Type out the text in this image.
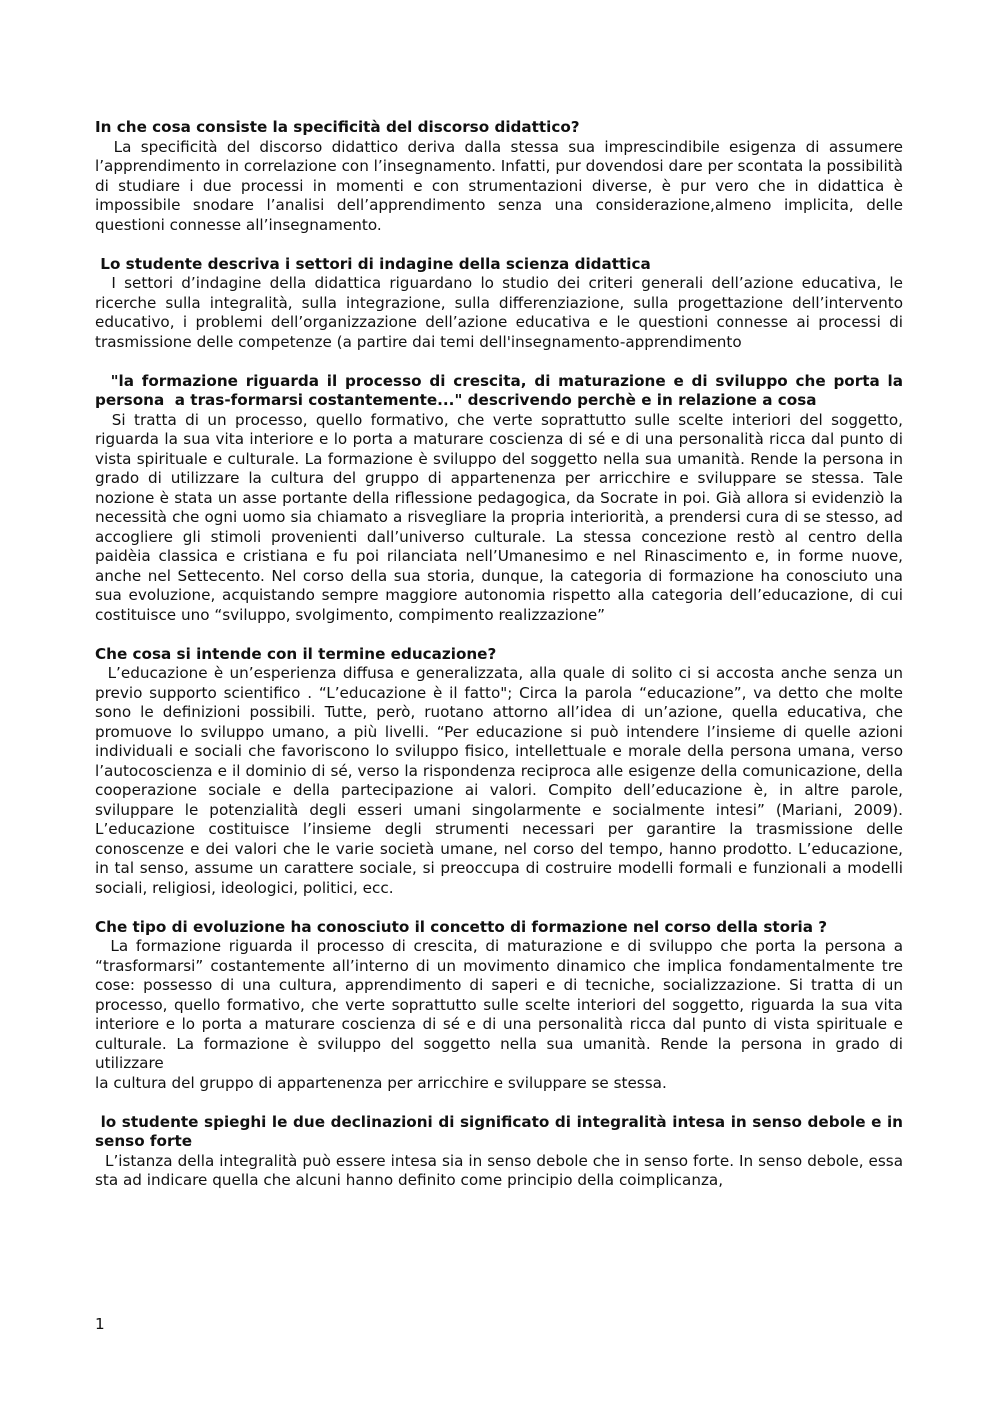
In che cosa consiste la specificità del discorso didattico?

La specificità del discorso didattico deriva dalla stessa sua imprescindibile esigenza di assumere l’apprendimento in correlazione con l’insegnamento. Infatti, pur dovendosi dare per scontata la possibilità di studiare i due processi in momenti e con strumentazioni diverse, è pur vero che in didattica è impossibile snodare l’analisi dell’apprendimento senza una considerazione,almeno implicita, delle questioni connesse all’insegnamento.

Lo studente descriva i settori di indagine della scienza didattica

I settori d’indagine della didattica riguardano lo studio dei criteri generali dell’azione educativa, le ricerche sulla integralità, sulla integrazione, sulla differenziazione, sulla progettazione dell’intervento educativo, i problemi dell’organizzazione dell’azione educativa e le questioni connesse ai processi di trasmissione delle competenze (a partire dai temi dell'insegnamento-apprendimento

"la formazione riguarda il processo di crescita, di maturazione e di sviluppo che porta la persona  a tras-formarsi costantemente..." descrivendo perchè e in relazione a cosa

Si tratta di un processo, quello formativo, che verte soprattutto sulle scelte interiori del soggetto, riguarda la sua vita interiore e lo porta a maturare coscienza di sé e di una personalità ricca dal punto di vista spirituale e culturale. La formazione è sviluppo del soggetto nella sua umanità. Rende la persona in grado di utilizzare la cultura del gruppo di appartenenza per arricchire e sviluppare se stessa. Tale nozione è stata un asse portante della riflessione pedagogica, da Socrate in poi. Già allora si evidenziò la necessità che ogni uomo sia chiamato a risvegliare la propria interiorità, a prendersi cura di se stesso, ad accogliere gli stimoli provenienti dall’universo culturale. La stessa concezione restò al centro della paidèia classica e cristiana e fu poi rilanciata nell’Umanesimo e nel Rinascimento e, in forme nuove, anche nel Settecento. Nel corso della sua storia, dunque, la categoria di formazione ha conosciuto una sua evoluzione, acquistando sempre maggiore autonomia rispetto alla categoria dell’educazione, di cui costituisce uno “sviluppo, svolgimento, compimento realizzazione”

Che cosa si intende con il termine educazione?

L’educazione è un’esperienza diffusa e generalizzata, alla quale di solito ci si accosta anche senza un previo supporto scientifico . “L’educazione è il fatto"; Circa la parola “educazione”, va detto che molte sono le definizioni possibili. Tutte, però, ruotano attorno all’idea di un’azione, quella educativa, che promuove lo sviluppo umano, a più livelli. “Per educazione si può intendere l’insieme di quelle azioni individuali e sociali che favoriscono lo sviluppo fisico, intellettuale e morale della persona umana, verso l’autocoscienza e il dominio di sé, verso la rispondenza reciproca alle esigenze della comunicazione, della cooperazione sociale e della partecipazione ai valori. Compito dell’educazione è, in altre parole, sviluppare le potenzialità degli esseri umani singolarmente e socialmente intesi” (Mariani, 2009). L’educazione costituisce l’insieme degli strumenti necessari per garantire la trasmissione delle conoscenze e dei valori che le varie società umane, nel corso del tempo, hanno prodotto. L’educazione, in tal senso, assume un carattere sociale, si preoccupa di costruire modelli formali e funzionali a modelli sociali, religiosi, ideologici, politici, ecc.

Che tipo di evoluzione ha conosciuto il concetto di formazione nel corso della storia ?

La formazione riguarda il processo di crescita, di maturazione e di sviluppo che porta la persona a “trasformarsi” costantemente all’interno di un movimento dinamico che implica fondamentalmente tre cose: possesso di una cultura, apprendimento di saperi e di tecniche, socializzazione. Si tratta di un processo, quello formativo, che verte soprattutto sulle scelte interiori del soggetto, riguarda la sua vita interiore e lo porta a maturare coscienza di sé e di una personalità ricca dal punto di vista spirituale e culturale. La formazione è sviluppo del soggetto nella sua umanità. Rende la persona in grado di utilizzare

la cultura del gruppo di appartenenza per arricchire e sviluppare se stessa.

lo studente spieghi le due declinazioni di significato di integralità intesa in senso debole e in senso forte

L’istanza della integralità può essere intesa sia in senso debole che in senso forte. In senso debole, essa sta ad indicare quella che alcuni hanno definito come principio della coimplicanza,

1
